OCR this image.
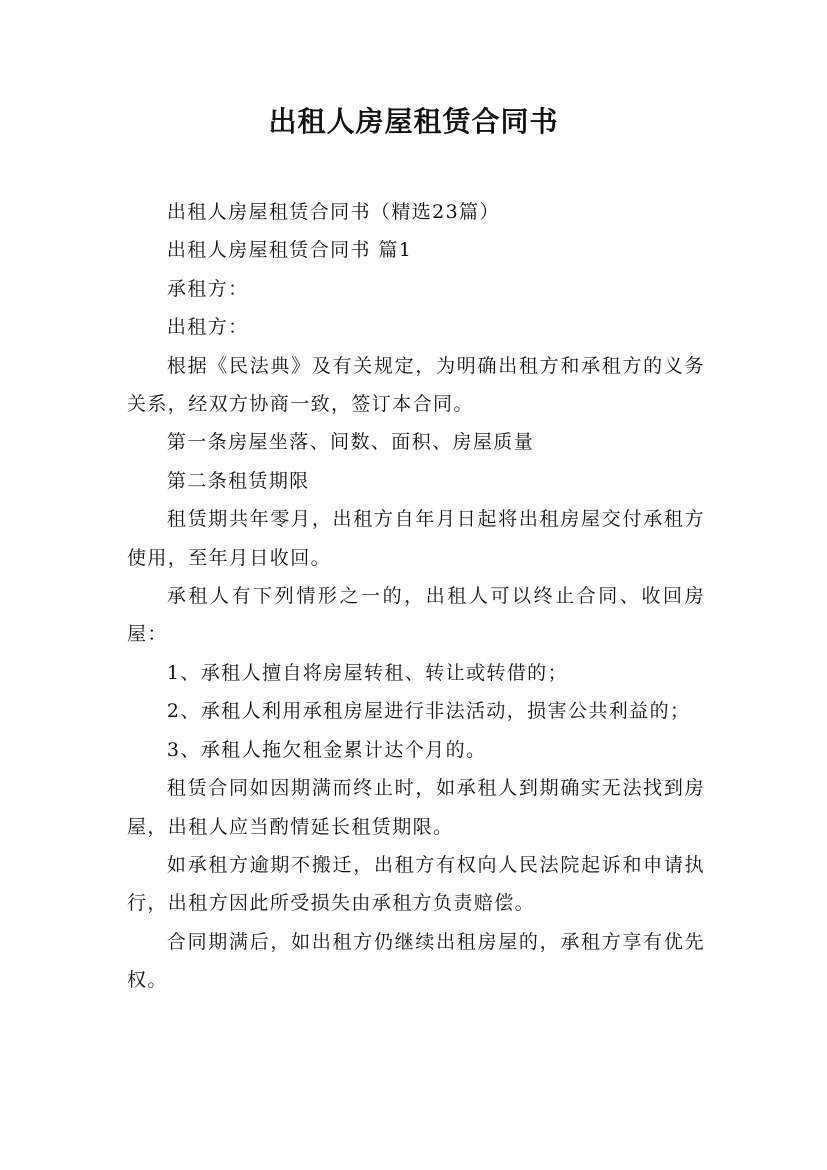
出租人房屋租赁合同书

出租人房屋租赁合同书（精选23篇）

出租人房屋租赁合同书 篇1

承租方：

出租方：

根据《民法典》及有关规定，为明确出租方和承租方的义务关系，经双方协商一致，签订本合同。

第一条房屋坐落、间数、面积、房屋质量

第二条租赁期限

租赁期共年零月，出租方自年月日起将出租房屋交付承租方使用，至年月日收回。

承租人有下列情形之一的，出租人可以终止合同、收回房屋：

1、承租人擅自将房屋转租、转让或转借的；

2、承租人利用承租房屋进行非法活动，损害公共利益的；

3、承租人拖欠租金累计达个月的。

租赁合同如因期满而终止时，如承租人到期确实无法找到房屋，出租人应当酌情延长租赁期限。

如承租方逾期不搬迁，出租方有权向人民法院起诉和申请执行，出租方因此所受损失由承租方负责赔偿。

合同期满后，如出租方仍继续出租房屋的，承租方享有优先权。
